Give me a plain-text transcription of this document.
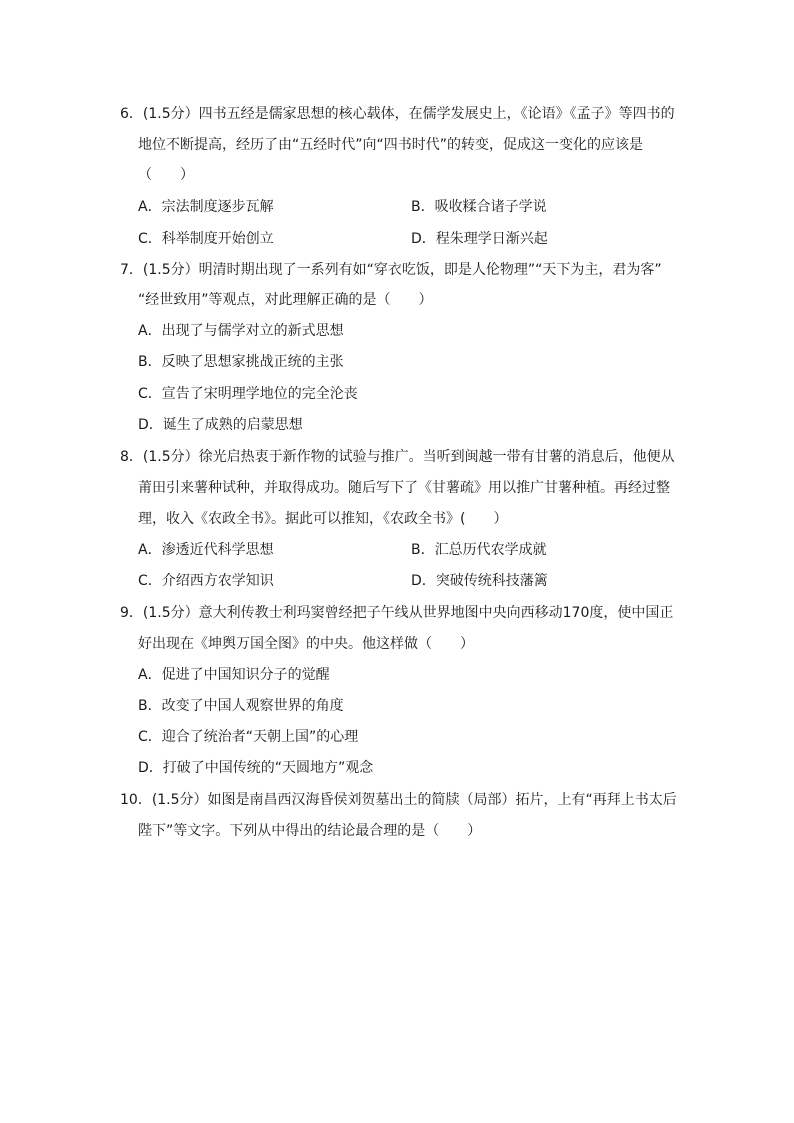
6．(1.5分）四书五经是儒家思想的核心载体，在儒学发展史上，《论语》《孟子》等四书的
地位不断提高，经历了由“五经时代”向“四书时代”的转变，促成这一变化的应该是
（　　）
A．宗法制度逐步瓦解	B．吸收糅合诸子学说
C．科举制度开始创立	D．程朱理学日渐兴起
7．(1.5分）明清时期出现了一系列有如“穿衣吃饭，即是人伦物理”“天下为主，君为客”
“经世致用”等观点，对此理解正确的是（　　）
A．出现了与儒学对立的新式思想
B．反映了思想家挑战正统的主张
C．宣告了宋明理学地位的完全沦丧
D．诞生了成熟的启蒙思想
8．(1.5分）徐光启热衷于新作物的试验与推广。当听到闽越一带有甘薯的消息后，他便从
莆田引来薯种试种，并取得成功。随后写下了《甘薯疏》用以推广甘薯种植。再经过整
理，收入《农政全书》。据此可以推知，《农政全书》(　　）
A．渗透近代科学思想	B．汇总历代农学成就
C．介绍西方农学知识	D．突破传统科技藩篱
9．(1.5分）意大利传教士利玛窦曾经把子午线从世界地图中央向西移动170度，使中国正
好出现在《坤舆万国全图》的中央。他这样做（　　）
A．促进了中国知识分子的觉醒
B．改变了中国人观察世界的角度
C．迎合了统治者“天朝上国”的心理
D．打破了中国传统的“天圆地方”观念
10．(1.5分）如图是南昌西汉海昏侯刘贺墓出土的简牍（局部）拓片，上有“再拜上书太后
陛下”等文字。下列从中得出的结论最合理的是（　　）
